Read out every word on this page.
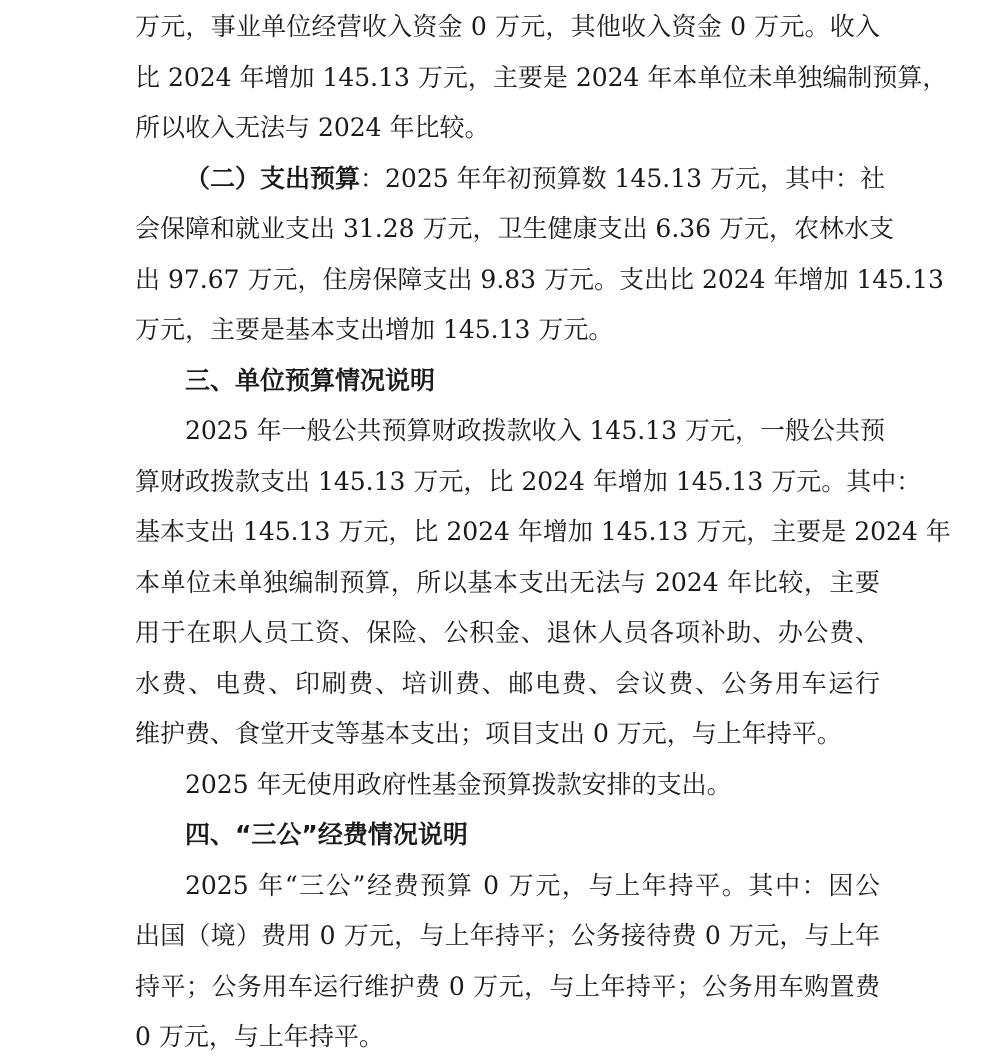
万元，事业单位经营收入资金 0 万元，其他收入资金 0 万元。收入
比 2024 年增加 145.13 万元，主要是 2024 年本单位未单独编制预算，
所以收入无法与 2024 年比较。
（二）支出预算：2025 年年初预算数 145.13 万元，其中：社
会保障和就业支出 31.28 万元，卫生健康支出 6.36 万元，农林水支
出 97.67 万元，住房保障支出 9.83 万元。支出比 2024 年增加 145.13
万元，主要是基本支出增加 145.13 万元。
三、单位预算情况说明
2025 年一般公共预算财政拨款收入 145.13 万元，一般公共预
算财政拨款支出 145.13 万元，比 2024 年增加 145.13 万元。其中：
基本支出 145.13 万元，比 2024 年增加 145.13 万元，主要是 2024 年
本单位未单独编制预算，所以基本支出无法与 2024 年比较，主要
用于在职人员工资、保险、公积金、退休人员各项补助、办公费、
水费、电费、印刷费、培训费、邮电费、会议费、公务用车运行
维护费、食堂开支等基本支出；项目支出 0 万元，与上年持平。
2025 年无使用政府性基金预算拨款安排的支出。
四、“三公”经费情况说明
2025 年“三公”经费预算 0 万元，与上年持平。其中：因公
出国（境）费用 0 万元，与上年持平；公务接待费 0 万元，与上年
持平；公务用车运行维护费 0 万元，与上年持平；公务用车购置费
0 万元，与上年持平。
